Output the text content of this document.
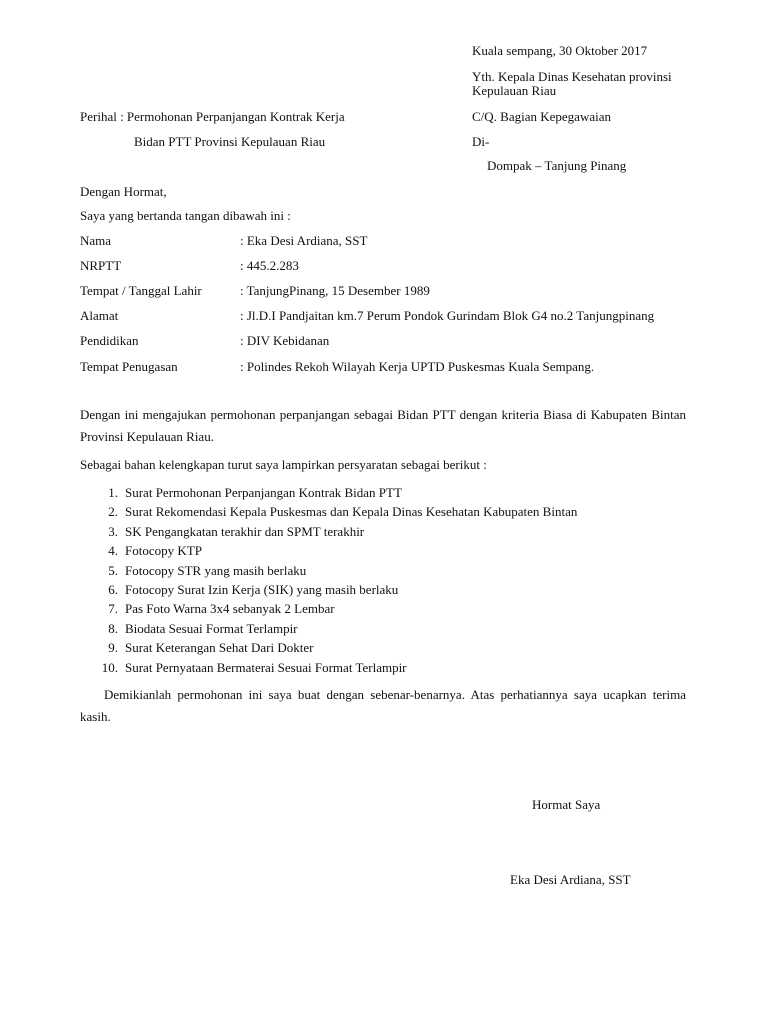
Kuala sempang, 30 Oktober 2017
Yth. Kepala Dinas Kesehatan provinsi
Kepulauan Riau
C/Q. Bagian Kepegawaian
Di-
Dompak – Tanjung Pinang
Perihal : Permohonan Perpanjangan Kontrak Kerja
Bidan PTT Provinsi Kepulauan Riau
Dengan Hormat,
Saya yang bertanda tangan dibawah ini :
Nama	: Eka Desi Ardiana, SST
NRPTT	: 445.2.283
Tempat / Tanggal Lahir	: TanjungPinang, 15 Desember 1989
Alamat	: Jl.D.I Pandjaitan km.7 Perum Pondok Gurindam Blok G4 no.2 Tanjungpinang
Pendidikan	: DIV Kebidanan
Tempat Penugasan	: Polindes Rekoh Wilayah Kerja UPTD Puskesmas Kuala Sempang.
Dengan ini mengajukan permohonan perpanjangan sebagai Bidan PTT dengan kriteria Biasa di Kabupaten Bintan Provinsi Kepulauan Riau.
Sebagai bahan kelengkapan turut saya lampirkan persyaratan sebagai berikut :
1. Surat Permohonan Perpanjangan Kontrak Bidan PTT
2. Surat Rekomendasi Kepala Puskesmas dan Kepala Dinas Kesehatan Kabupaten Bintan
3. SK Pengangkatan terakhir dan SPMT terakhir
4. Fotocopy KTP
5. Fotocopy STR yang masih berlaku
6. Fotocopy Surat Izin Kerja (SIK) yang masih berlaku
7. Pas Foto Warna 3x4 sebanyak 2 Lembar
8. Biodata Sesuai Format Terlampir
9. Surat Keterangan Sehat Dari Dokter
10. Surat Pernyataan Bermaterai Sesuai Format Terlampir
Demikianlah permohonan ini saya buat dengan sebenar-benarnya. Atas perhatiannya saya ucapkan terima kasih.
Hormat Saya
Eka Desi Ardiana, SST
